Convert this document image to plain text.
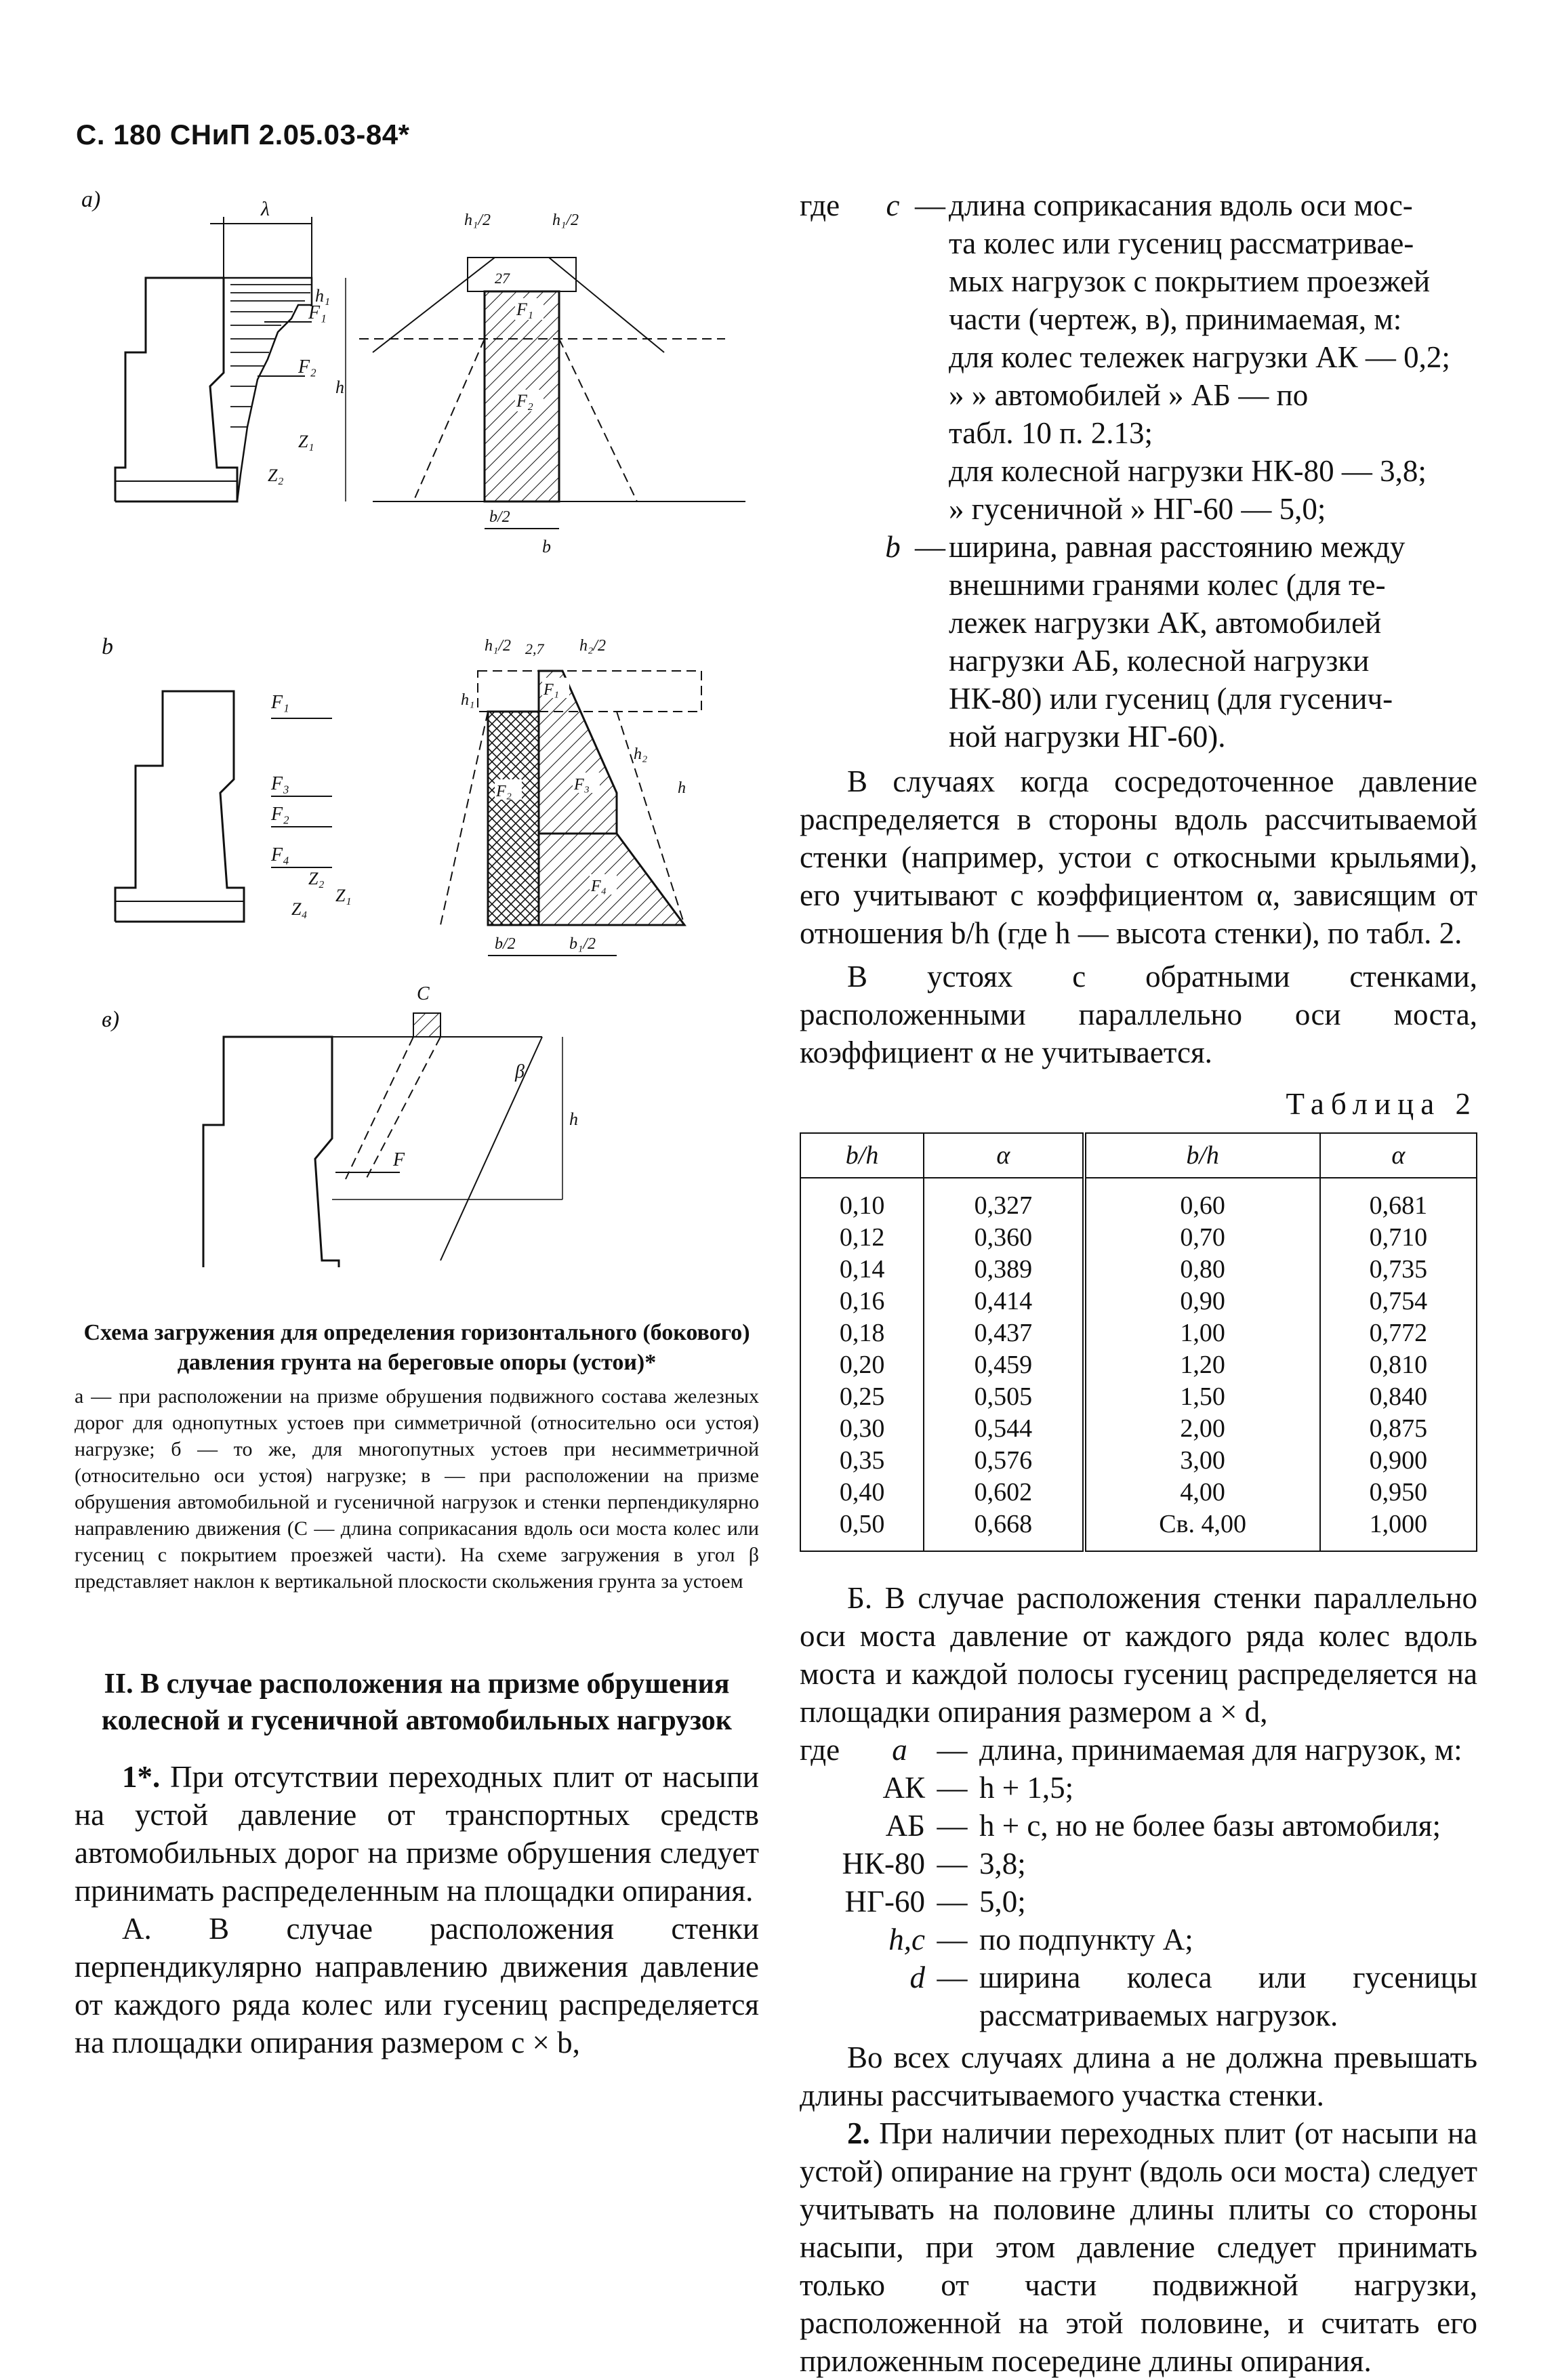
С. 180 СНиП 2.05.03-84*
а)	λ
F₁
F₂
h
h₁
Z₁
Z₂
27
h₁/2	h₁/2
F₁
F₂
b/2
b
b
F₁
F₃
F₂
F₄
Z₂
Z₁
Z₄
h₁/2 2,7 h₂/2
h₁
h₂
h
F₁
F₂	F₃
F₄
b/2	b₁/2
в)
C
β
h
F

Схема загружения для определения горизонтального (бокового) давления грунта на береговые опоры (устои)*

а — при расположении на призме обрушения подвижного состава железных дорог для однопутных устоев при симметричной (относительно оси устоя) нагрузке; б — то же, для многопутных устоев при несимметричной (относительно оси устоя) нагрузке; в — при расположении на призме обрушения автомобильной и гусеничной нагрузок и стенки перпендикулярно направлению движения (C — длина соприкасания вдоль оси моста колес или гусениц с покрытием проезжей части). На схеме загружения в угол β представляет наклон к вертикальной плоскости скольжения грунта за устоем

II. В случае расположения на призме обрушения колесной и гусеничной автомобильных нагрузок

1*. При отсутствии переходных плит от насыпи на устой давление от транспортных средств автомобильных дорог на призме обрушения следует принимать распределенным на площадки опирания.

А. В случае расположения стенки перпендикулярно направлению движения давление от каждого ряда колес или гусениц распределяется на площадки опирания размером c × b,

где	c — длина соприкасания вдоль оси мос-
та колес или гусениц рассматривае-
мых нагрузок с покрытием проезжей
части (чертеж, в), принимаемая, м:
для колес тележек нагрузки АК — 0,2;
» » автомобилей » АБ — по
табл. 10 п. 2.13;
для колесной нагрузки НК-80 — 3,8;
» гусеничной » НГ-60 — 5,0;
b — ширина, равная расстоянию между
внешними гранями колес (для те-
лежек нагрузки АК, автомобилей
нагрузки АБ, колесной нагрузки
НК-80) или гусениц (для гусенич-
ной нагрузки НГ-60).

В случаях когда сосредоточенное давление распределяется в стороны вдоль рассчитываемой стенки (например, устои с откосными крыльями), его учитывают с коэффициентом α, зависящим от отношения b/h (где h — высота стенки), по табл. 2.

В устоях с обратными стенками, расположенными параллельно оси моста, коэффициент α не учитывается.

Таблица 2
b/h	α	b/h	α
0,10	0,327	0,60	0,681
0,12	0,360	0,70	0,710
0,14	0,389	0,80	0,735
0,16	0,414	0,90	0,754
0,18	0,437	1,00	0,772
0,20	0,459	1,20	0,810
0,25	0,505	1,50	0,840
0,30	0,544	2,00	0,875
0,35	0,576	3,00	0,900
0,40	0,602	4,00	0,950
0,50	0,668	Св. 4,00	1,000

Б. В случае расположения стенки параллельно оси моста давление от каждого ряда колес вдоль моста и каждой полосы гусениц распределяется на площадки опирания размером a × d,

где	a — длина, принимаемая для нагрузок, м:
АК — h + 1,5;
АБ — h + c, но не более базы автомобиля;
НК-80 — 3,8;
НГ-60 — 5,0;
h,c — по подпункту А;
d — ширина колеса или гусеницы рассматриваемых нагрузок.

Во всех случаях длина a не должна превышать длины рассчитываемого участка стенки.

2. При наличии переходных плит (от насыпи на устой) опирание на грунт (вдоль оси моста) следует учитывать на половине длины плиты со стороны насыпи, при этом давление следует принимать только от части подвижной нагрузки, расположенной на этой половине, и считать его приложенным посередине длины опирания.
